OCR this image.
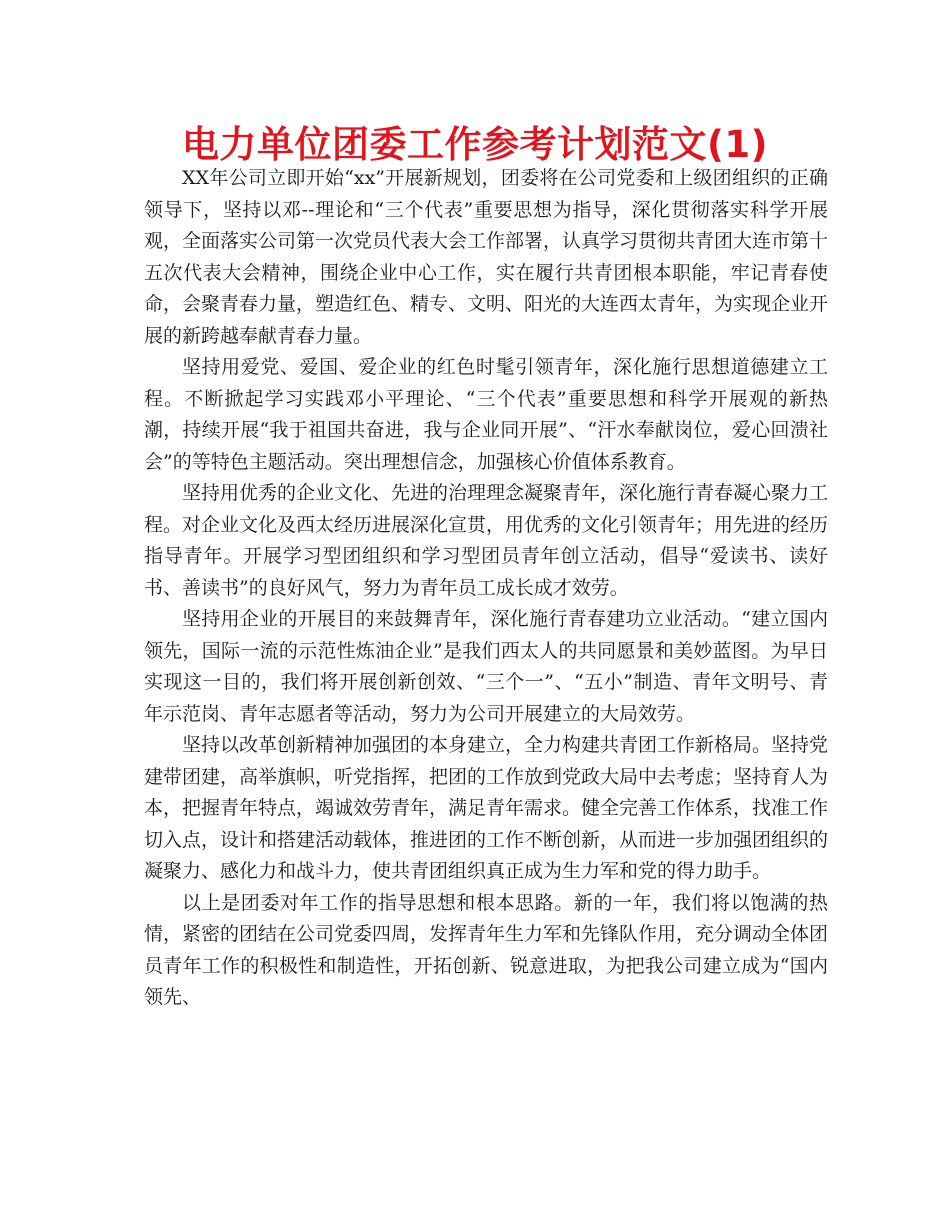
电力单位团委工作参考计划范文(1)

XX年公司立即开始“xx”开展新规划，团委将在公司党委和上级团组织的正确领导下，坚持以邓--理论和“三个代表”重要思想为指导，深化贯彻落实科学开展观，全面落实公司第一次党员代表大会工作部署，认真学习贯彻共青团大连市第十五次代表大会精神，围绕企业中心工作，实在履行共青团根本职能，牢记青春使命，会聚青春力量，塑造红色、精专、文明、阳光的大连西太青年，为实现企业开展的新跨越奉献青春力量。

坚持用爱党、爱国、爱企业的红色时髦引领青年，深化施行思想道德建立工程。不断掀起学习实践邓小平理论、“三个代表”重要思想和科学开展观的新热潮，持续开展“我于祖国共奋进，我与企业同开展”、“汗水奉献岗位，爱心回溃社会”的等特色主题活动。突出理想信念，加强核心价值体系教育。

坚持用优秀的企业文化、先进的治理理念凝聚青年，深化施行青春凝心聚力工程。对企业文化及西太经历进展深化宣贯，用优秀的文化引领青年；用先进的经历指导青年。开展学习型团组织和学习型团员青年创立活动，倡导“爱读书、读好书、善读书”的良好风气，努力为青年员工成长成才效劳。

坚持用企业的开展目的来鼓舞青年，深化施行青春建功立业活动。“建立国内领先，国际一流的示范性炼油企业”是我们西太人的共同愿景和美妙蓝图。为早日实现这一目的，我们将开展创新创效、“三个一”、“五小”制造、青年文明号、青年示范岗、青年志愿者等活动，努力为公司开展建立的大局效劳。

坚持以改革创新精神加强团的本身建立，全力构建共青团工作新格局。坚持党建带团建，高举旗帜，听党指挥，把团的工作放到党政大局中去考虑；坚持育人为本，把握青年特点，竭诚效劳青年，满足青年需求。健全完善工作体系，找准工作切入点，设计和搭建活动载体，推进团的工作不断创新，从而进一步加强团组织的凝聚力、感化力和战斗力，使共青团组织真正成为生力军和党的得力助手。

以上是团委对年工作的指导思想和根本思路。新的一年，我们将以饱满的热情，紧密的团结在公司党委四周，发挥青年生力军和先锋队作用，充分调动全体团员青年工作的积极性和制造性，开拓创新、锐意进取，为把我公司建立成为“国内领先、
